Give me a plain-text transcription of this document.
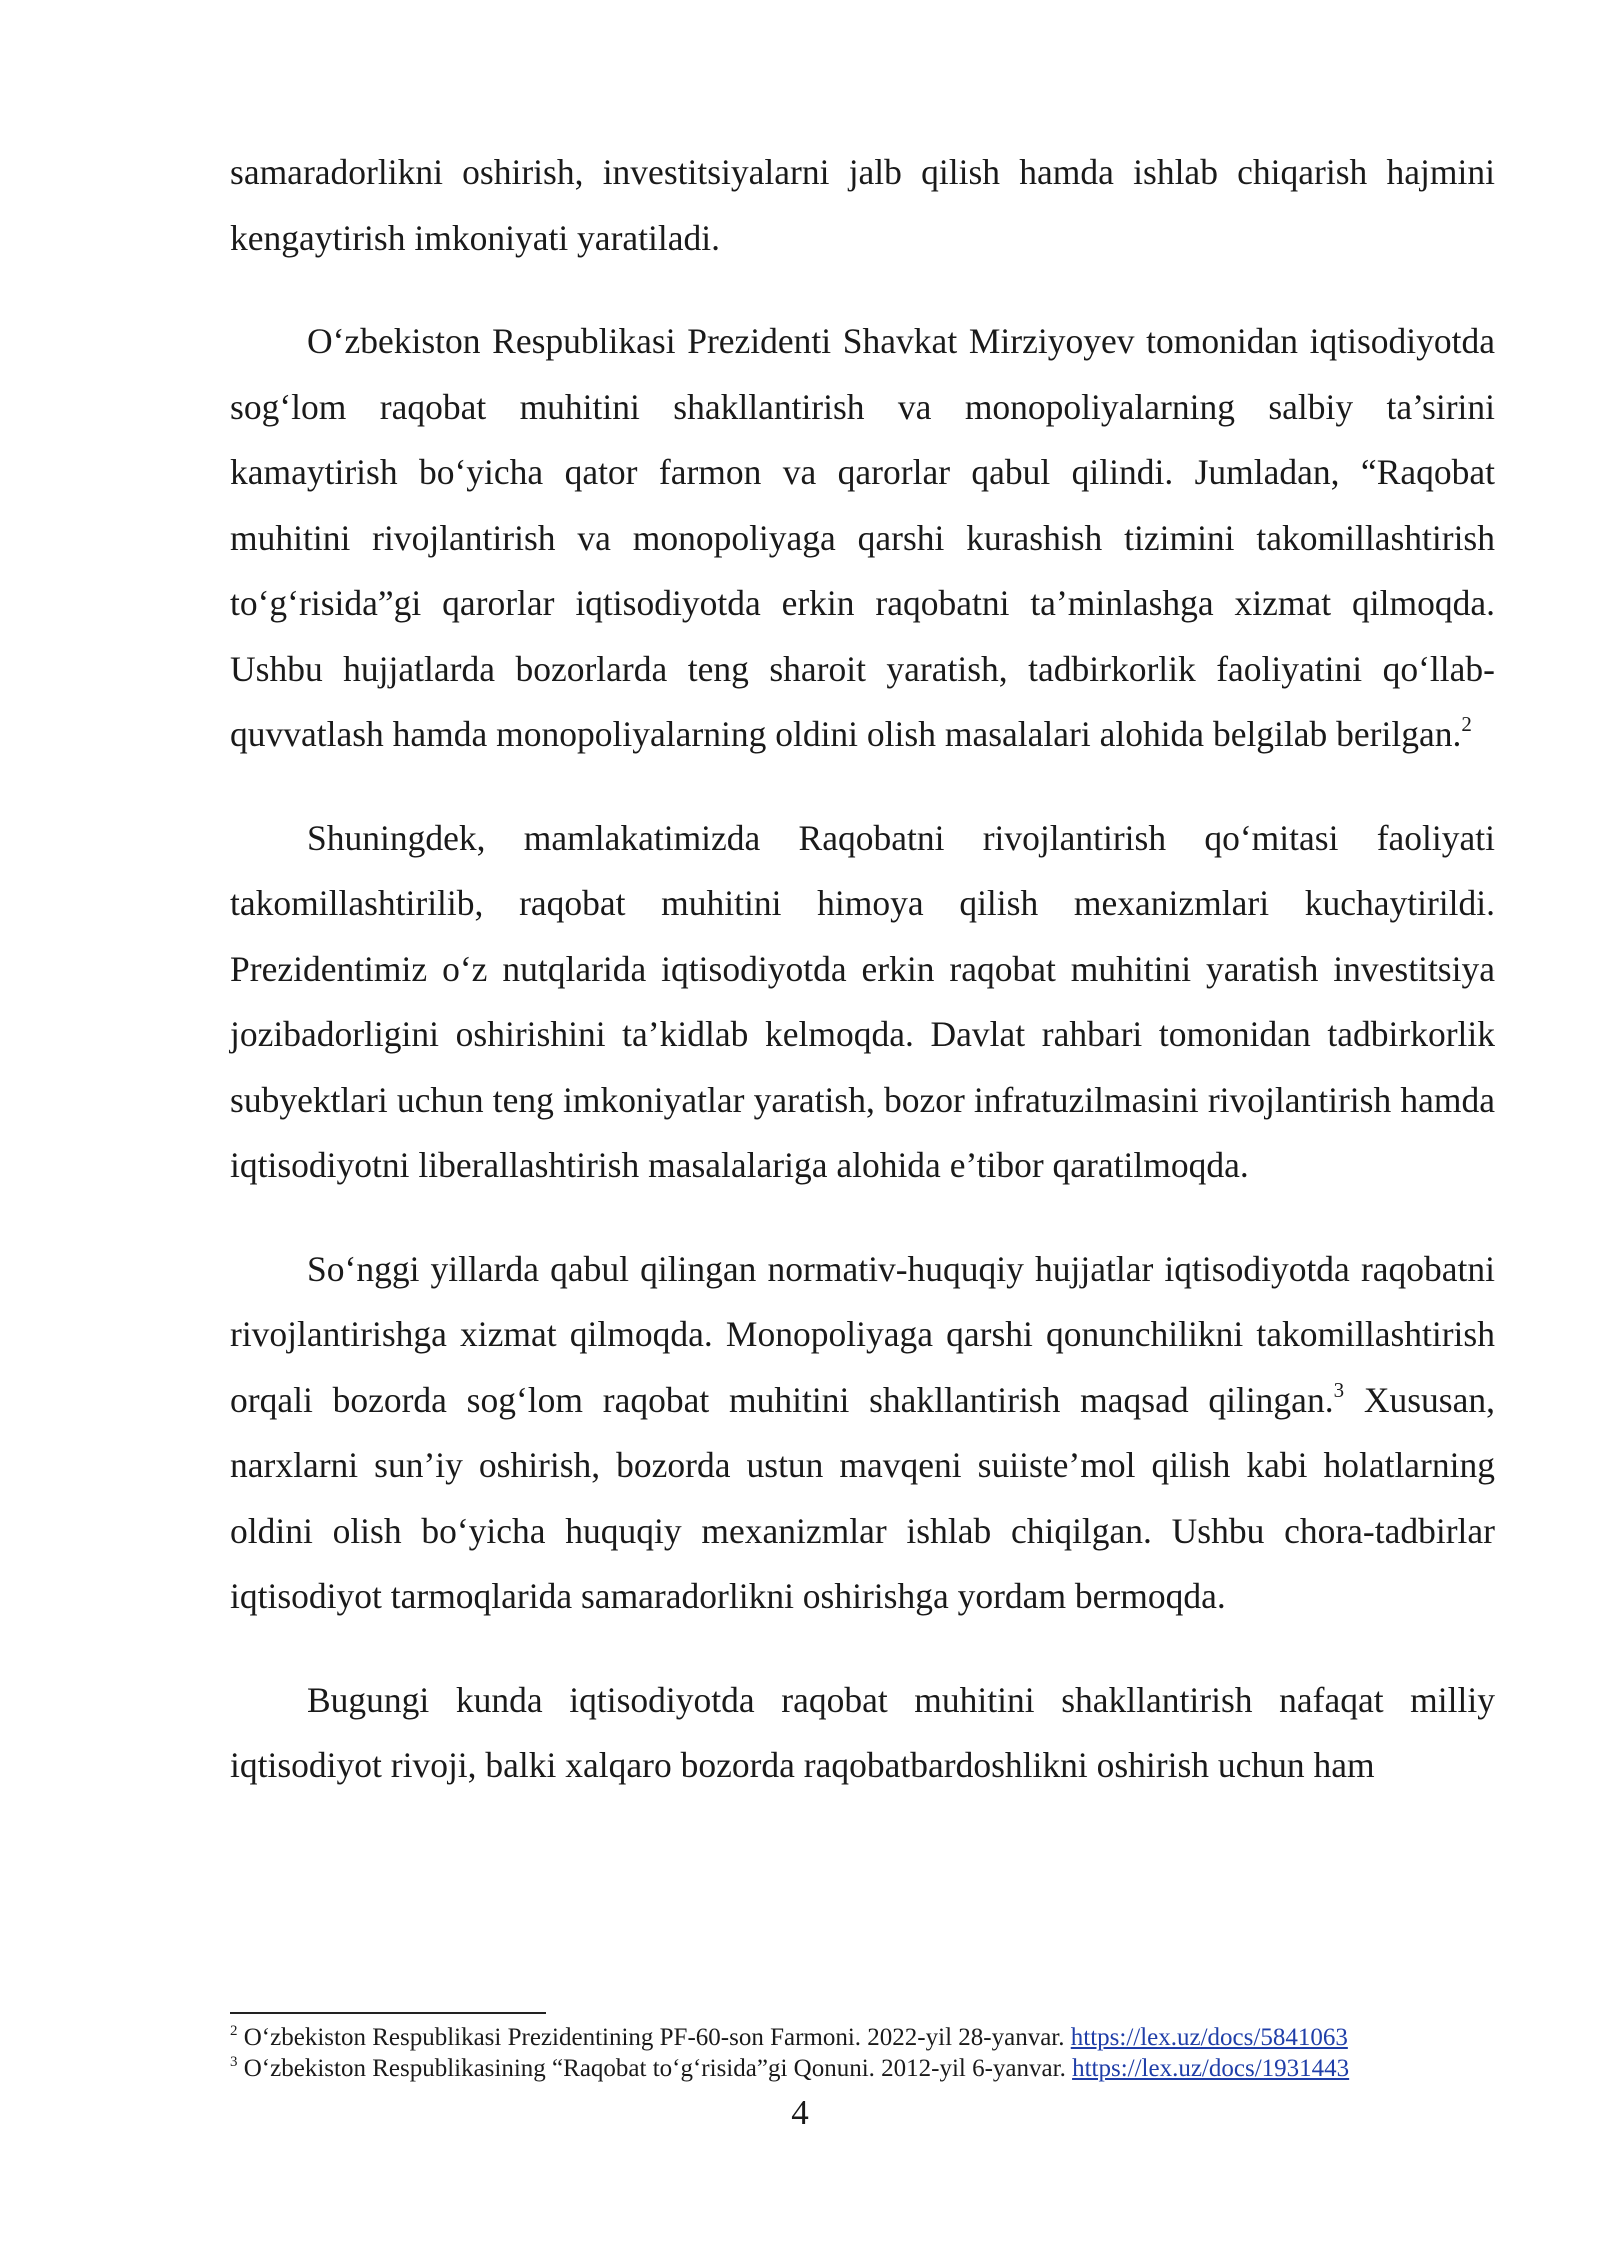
samaradorlikni oshirish, investitsiyalarni jalb qilish hamda ishlab chiqarish hajmini kengaytirish imkoniyati yaratiladi.

O‘zbekiston Respublikasi Prezidenti Shavkat Mirziyoyev tomonidan iqtisodiyotda sog‘lom raqobat muhitini shakllantirish va monopoliyalarning salbiy ta’sirini kamaytirish bo‘yicha qator farmon va qarorlar qabul qilindi. Jumladan, “Raqobat muhitini rivojlantirish va monopoliyaga qarshi kurashish tizimini takomillashtirish to‘g‘risida”gi qarorlar iqtisodiyotda erkin raqobatni ta’minlashga xizmat qilmoqda. Ushbu hujjatlarda bozorlarda teng sharoit yaratish, tadbirkorlik faoliyatini qo‘llab-quvvatlash hamda monopoliyalarning oldini olish masalalari alohida belgilab berilgan.$^2$

Shuningdek, mamlakatimizda Raqobatni rivojlantirish qo‘mitasi faoliyati takomillashtirilib, raqobat muhitini himoya qilish mexanizmlari kuchaytirildi. Prezidentimiz o‘z nutqlarida iqtisodiyotda erkin raqobat muhitini yaratish investitsiya jozibadorligini oshirishini ta’kidlab kelmoqda. Davlat rahbari tomonidan tadbirkorlik subyektlari uchun teng imkoniyatlar yaratish, bozor infratuzilmasini rivojlantirish hamda iqtisodiyotni liberallashtirish masalalariga alohida e’tibor qaratilmoqda.

So‘nggi yillarda qabul qilingan normativ-huquqiy hujjatlar iqtisodiyotda raqobatni rivojlantirishga xizmat qilmoqda. Monopoliyaga qarshi qonunchilikni takomillashtirish orqali bozorda sog‘lom raqobat muhitini shakllantirish maqsad qilingan.$^3$ Xususan, narxlarni sun’iy oshirish, bozorda ustun mavqeni suiiste’mol qilish kabi holatlarning oldini olish bo‘yicha huquqiy mexanizmlar ishlab chiqilgan. Ushbu chora-tadbirlar iqtisodiyot tarmoqlarida samaradorlikni oshirishga yordam bermoqda.

Bugungi kunda iqtisodiyotda raqobat muhitini shakllantirish nafaqat milliy iqtisodiyot rivoji, balki xalqaro bozorda raqobatbardoshlikni oshirish uchun ham

$^2$ O‘zbekiston Respublikasi Prezidentining PF-60-son Farmoni. 2022-yil 28-yanvar. https://lex.uz/docs/5841063
$^3$ O‘zbekiston Respublikasining “Raqobat to‘g‘risida”gi Qonuni. 2012-yil 6-yanvar. https://lex.uz/docs/1931443
4
